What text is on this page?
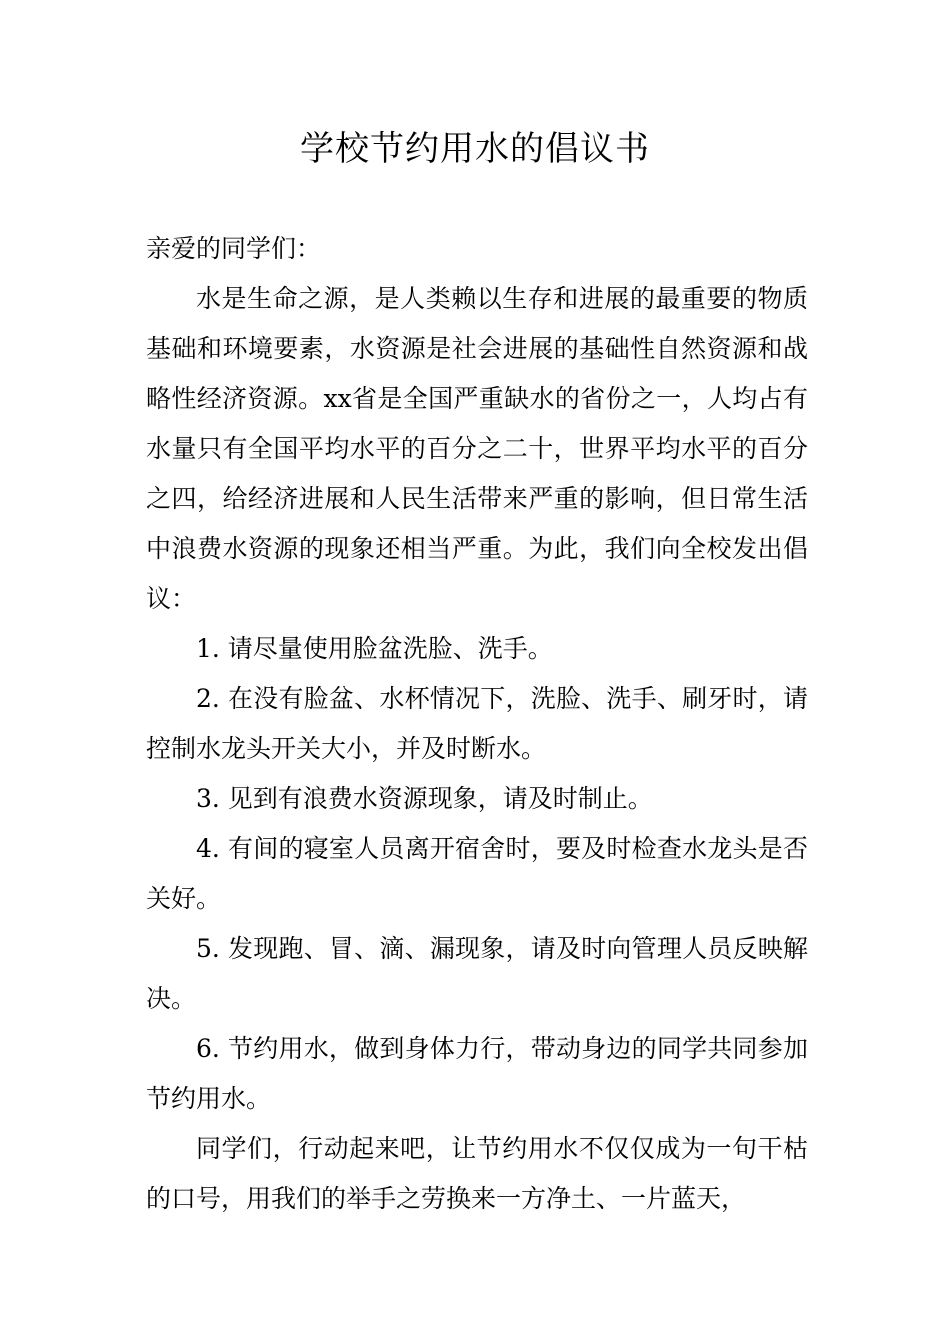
学校节约用水的倡议书

亲爱的同学们：

水是生命之源，是人类赖以生存和进展的最重要的物质基础和环境要素，水资源是社会进展的基础性自然资源和战略性经济资源。xx省是全国严重缺水的省份之一，人均占有水量只有全国平均水平的百分之二十，世界平均水平的百分之四，给经济进展和人民生活带来严重的影响，但日常生活中浪费水资源的现象还相当严重。为此，我们向全校发出倡议：

1. 请尽量使用脸盆洗脸、洗手。

2. 在没有脸盆、水杯情况下，洗脸、洗手、刷牙时，请控制水龙头开关大小，并及时断水。

3. 见到有浪费水资源现象，请及时制止。

4. 有间的寝室人员离开宿舍时，要及时检查水龙头是否关好。

5. 发现跑、冒、滴、漏现象，请及时向管理人员反映解决。

6. 节约用水，做到身体力行，带动身边的同学共同参加节约用水。

同学们，行动起来吧，让节约用水不仅仅成为一句干枯的口号，用我们的举手之劳换来一方净土、一片蓝天，
